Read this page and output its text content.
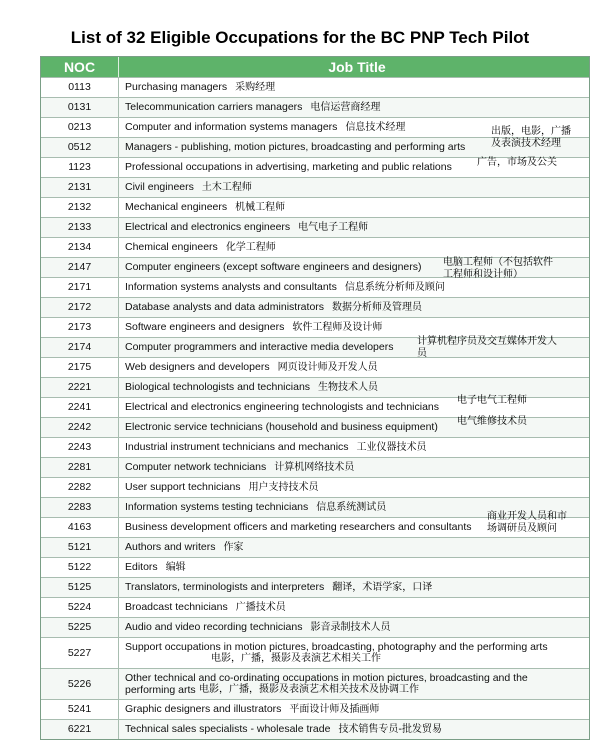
List of 32 Eligible Occupations for the BC PNP Tech Pilot
NOC	Job Title
0113	Purchasing managers 采购经理
0131	Telecommunication carriers managers 电信运营商经理
0213	Computer and information systems managers 信息技术经理
0512	Managers - publishing, motion pictures, broadcasting and performing arts
出版，电影，广播及表演技术经理
1123	Professional occupations in advertising, marketing and public relations	广告，市场及公关
2131	Civil engineers 土木工程师
2132	Mechanical engineers 机械工程师
2133	Electrical and electronics engineers 电气电子工程师
2134	Chemical engineers 化学工程师
2147	Computer engineers (except software engineers and designers) 电脑工程师（不包括软件工程师和设计师）
2171	Information systems analysts and consultants 信息系统分析师及顾问
2172	Database analysts and data administrators 数据分析师及管理员
2173	Software engineers and designers 软件工程师及设计师
2174	Computer programmers and interactive media developers 计算机程序员及交互媒体开发人员
2175	Web designers and developers 网页设计师及开发人员
2221	Biological technologists and technicians 生物技术人员
2241	Electrical and electronics engineering technologists and technicians
电子电气工程师
2242	Electronic service technicians (household and business equipment) 电气维修技术员
2243	Industrial instrument technicians and mechanics 工业仪器技术员
2281	Computer network technicians 计算机网络技术员
2282	User support technicians 用户支持技术员
2283	Information systems testing technicians 信息系统测试员
4163	Business development officers and marketing researchers and consultants
商业开发人员和市场调研员及顾问
5121	Authors and writers 作家
5122	Editors 编辑
5125	Translators, terminologists and interpreters 翻译，术语学家，口译
5224	Broadcast technicians 广播技术员
5225	Audio and video recording technicians 影音录制技术人员
5227	Support occupations in motion pictures, broadcasting, photography and the performing arts
电影，广播，摄影及表演艺术相关工作
5226	Other technical and co-ordinating occupations in motion pictures, broadcasting and the performing arts 电影，广播，摄影及表演艺术相关技术及协调工作
5241	Graphic designers and illustrators 平面设计师及插画师
6221	Technical sales specialists - wholesale trade 技术销售专员-批发贸易
